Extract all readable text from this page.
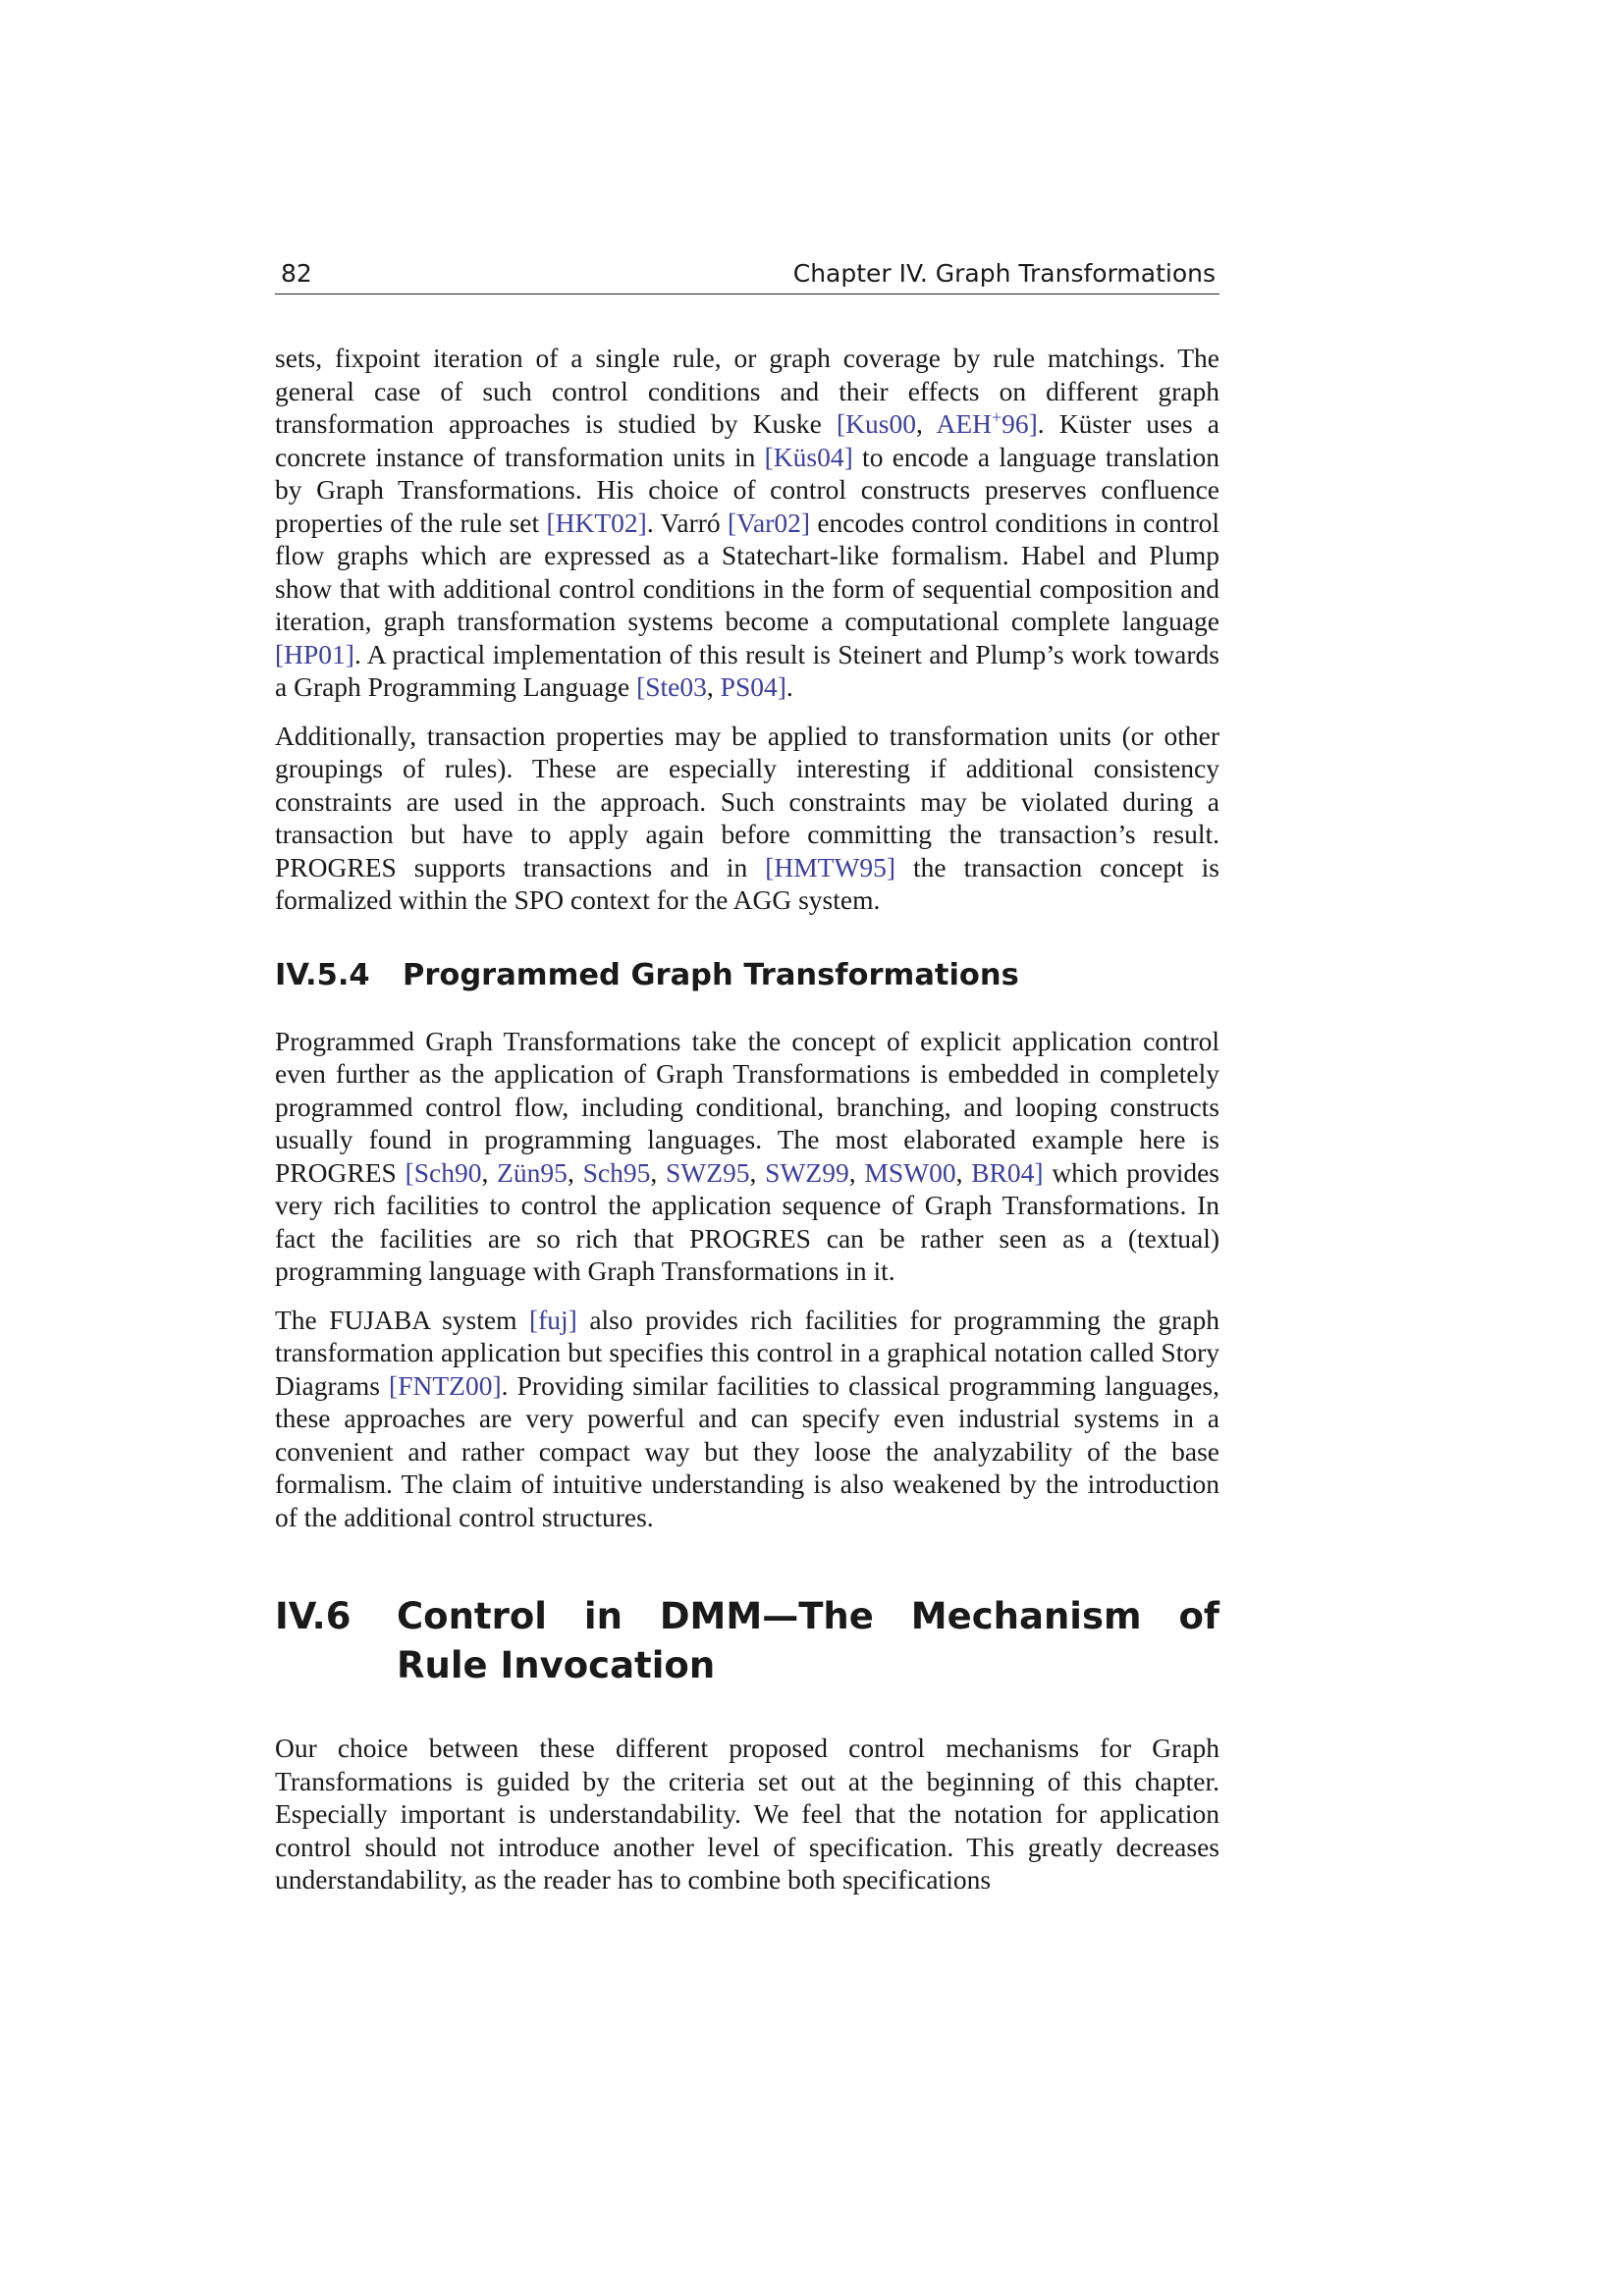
82	Chapter IV. Graph Transformations

sets, fixpoint iteration of a single rule, or graph coverage by rule matchings. The general case of such control conditions and their effects on different graph transformation approaches is studied by Kuske [Kus00, AEH+96]. Küster uses a concrete instance of transformation units in [Küs04] to encode a language translation by Graph Transformations. His choice of control constructs preserves confluence properties of the rule set [HKT02]. Varró [Var02] encodes control conditions in control flow graphs which are expressed as a Statechart-like formalism. Habel and Plump show that with additional control conditions in the form of sequential composition and iteration, graph transformation systems become a computational complete language [HP01]. A practical implementation of this result is Steinert and Plump’s work towards a Graph Programming Language [Ste03, PS04].

Additionally, transaction properties may be applied to transformation units (or other groupings of rules). These are especially interesting if additional consistency constraints are used in the approach. Such constraints may be violated during a transaction but have to apply again before committing the transaction’s result. PROGRES supports transactions and in [HMTW95] the transaction concept is formalized within the SPO context for the AGG system.

IV.5.4	Programmed Graph Transformations

Programmed Graph Transformations take the concept of explicit application control even further as the application of Graph Transformations is embedded in completely programmed control flow, including conditional, branching, and looping constructs usually found in programming languages. The most elaborated example here is PROGRES [Sch90, Zün95, Sch95, SWZ95, SWZ99, MSW00, BR04] which provides very rich facilities to control the application sequence of Graph Transformations. In fact the facilities are so rich that PROGRES can be rather seen as a (textual) programming language with Graph Transformations in it.

The FUJABA system [fuj] also provides rich facilities for programming the graph transformation application but specifies this control in a graphical notation called Story Diagrams [FNTZ00]. Providing similar facilities to classical programming languages, these approaches are very powerful and can specify even industrial systems in a convenient and rather compact way but they loose the analyzability of the base formalism. The claim of intuitive understanding is also weakened by the introduction of the additional control structures.

IV.6	Control in DMM—The Mechanism of Rule Invocation

Our choice between these different proposed control mechanisms for Graph Transformations is guided by the criteria set out at the beginning of this chapter. Especially important is understandability. We feel that the notation for application control should not introduce another level of specification. This greatly decreases understandability, as the reader has to combine both specifications
